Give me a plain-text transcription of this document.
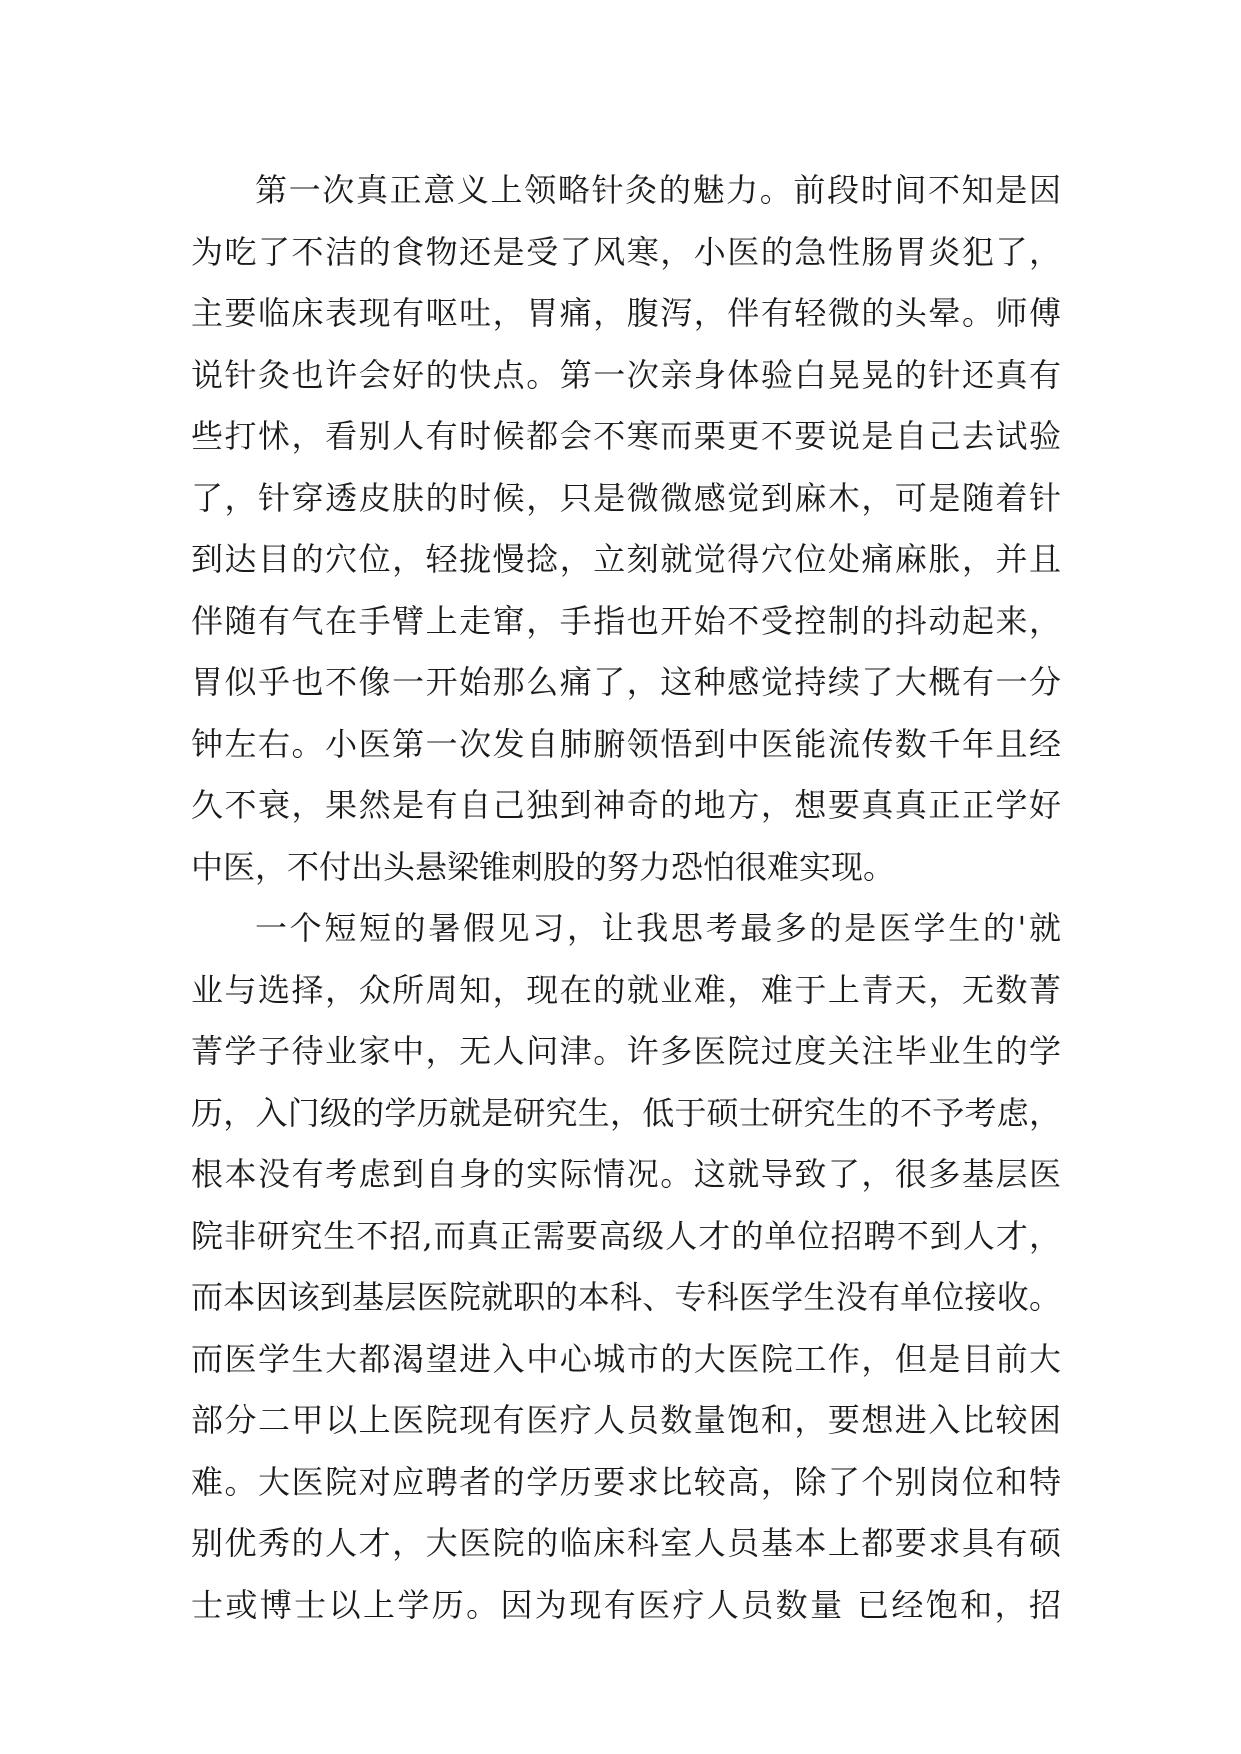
第一次真正意义上领略针灸的魅力。前段时间不知是因
为吃了不洁的食物还是受了风寒，小医的急性肠胃炎犯了，
主要临床表现有呕吐，胃痛，腹泻，伴有轻微的头晕。师傅
说针灸也许会好的快点。第一次亲身体验白晃晃的针还真有
些打怵，看别人有时候都会不寒而栗更不要说是自己去试验
了，针穿透皮肤的时候，只是微微感觉到麻木，可是随着针
到达目的穴位，轻拢慢捻，立刻就觉得穴位处痛麻胀，并且
伴随有气在手臂上走窜，手指也开始不受控制的抖动起来，
胃似乎也不像一开始那么痛了，这种感觉持续了大概有一分
钟左右。小医第一次发自肺腑领悟到中医能流传数千年且经
久不衰，果然是有自己独到神奇的地方，想要真真正正学好
中医，不付出头悬梁锥刺股的努力恐怕很难实现。
一个短短的暑假见习，让我思考最多的是医学生的'就
业与选择，众所周知，现在的就业难，难于上青天，无数菁
菁学子待业家中，无人问津。许多医院过度关注毕业生的学
历，入门级的学历就是研究生，低于硕士研究生的不予考虑，
根本没有考虑到自身的实际情况。这就导致了，很多基层医
院非研究生不招,而真正需要高级人才的单位招聘不到人才，
而本因该到基层医院就职的本科、专科医学生没有单位接收。
而医学生大都渴望进入中心城市的大医院工作，但是目前大
部分二甲以上医院现有医疗人员数量饱和，要想进入比较困
难。大医院对应聘者的学历要求比较高，除了个别岗位和特
别优秀的人才，大医院的临床科室人员基本上都要求具有硕
士或博士以上学历。因为现有医疗人员数量 已经饱和，招
